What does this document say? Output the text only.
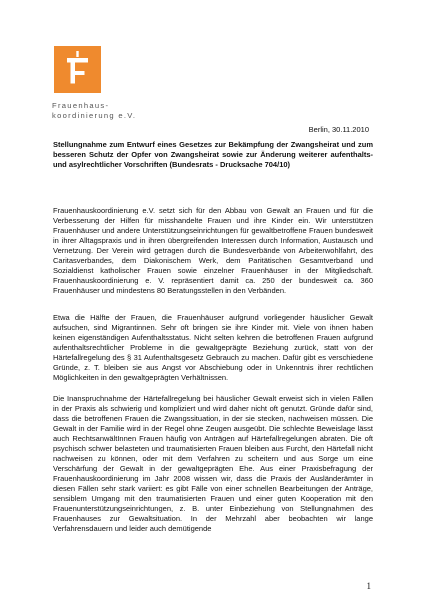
Frauenhaus-
koordinierung e.V.
Berlin, 30.11.2010
Stellungnahme zum Entwurf eines Gesetzes zur Bekämpfung der Zwangsheirat und zum besseren Schutz der Opfer von Zwangsheirat sowie zur Änderung weiterer aufenthalts- und asylrechtlicher Vorschriften (Bundesrats - Drucksache 704/10)
Frauenhauskoordinierung e.V. setzt sich für den Abbau von Gewalt an Frauen und für die Verbesserung der Hilfen für misshandelte Frauen und ihre Kinder ein. Wir unterstützen Frauenhäuser und andere Unterstützungseinrichtungen für gewaltbetroffene Frauen bundesweit in ihrer Alltagspraxis und in ihren übergreifenden Interessen durch Information, Austausch und Vernetzung. Der Verein wird getragen durch die Bundesverbände von Arbeiterwohlfahrt, des Caritasverbandes, dem Diakonischem Werk, dem Paritätischen Gesamtverband und Sozialdienst katholischer Frauen sowie einzelner Frauenhäuser in der Mitgliedschaft. Frauenhauskoordinierung e. V. repräsentiert damit ca. 250 der bundesweit ca. 360 Frauenhäuser und mindestens 80 Beratungsstellen in den Verbänden.
Etwa die Hälfte der Frauen, die Frauenhäuser aufgrund vorliegender häuslicher Gewalt aufsuchen, sind Migrantinnen. Sehr oft bringen sie ihre Kinder mit. Viele von ihnen haben keinen eigenständigen Aufenthaltsstatus. Nicht selten kehren die betroffenen Frauen aufgrund aufenthaltsrechtlicher Probleme in die gewaltgeprägte Beziehung zurück, statt von der Härtefallregelung des § 31 Aufenthaltsgesetz Gebrauch zu machen. Dafür gibt es verschiedene Gründe, z. T. bleiben sie aus Angst vor Abschiebung oder in Unkenntnis ihrer rechtlichen Möglichkeiten in den gewaltgeprägten Verhältnissen.
Die Inanspruchnahme der Härtefallregelung bei häuslicher Gewalt erweist sich in vielen Fällen in der Praxis als schwierig und kompliziert und wird daher nicht oft genutzt. Gründe dafür sind, dass die betroffenen Frauen die Zwangssituation, in der sie stecken, nachweisen müssen. Die Gewalt in der Familie wird in der Regel ohne Zeugen ausgeübt. Die schlechte Beweislage lässt auch RechtsanwältInnen Frauen häufig von Anträgen auf Härtefallregelungen abraten. Die oft psychisch schwer belasteten und traumatisierten Frauen bleiben aus Furcht, den Härtefall nicht nachweisen zu können, oder mit dem Verfahren zu scheitern und aus Sorge um eine Verschärfung der Gewalt in der gewaltgeprägten Ehe. Aus einer Praxisbefragung der Frauenhauskoordinierung im Jahr 2008 wissen wir, dass die Praxis der Ausländerämter in diesen Fällen sehr stark variiert: es gibt Fälle von einer schnellen Bearbeitungen der Anträge, sensiblem Umgang mit den traumatisierten Frauen und einer guten Kooperation mit den Frauenunterstützungseinrichtungen, z. B. unter Einbeziehung von Stellungnahmen des Frauenhauses zur Gewaltsituation. In der Mehrzahl aber beobachten wir lange Verfahrensdauern und leider auch demütigende
1
